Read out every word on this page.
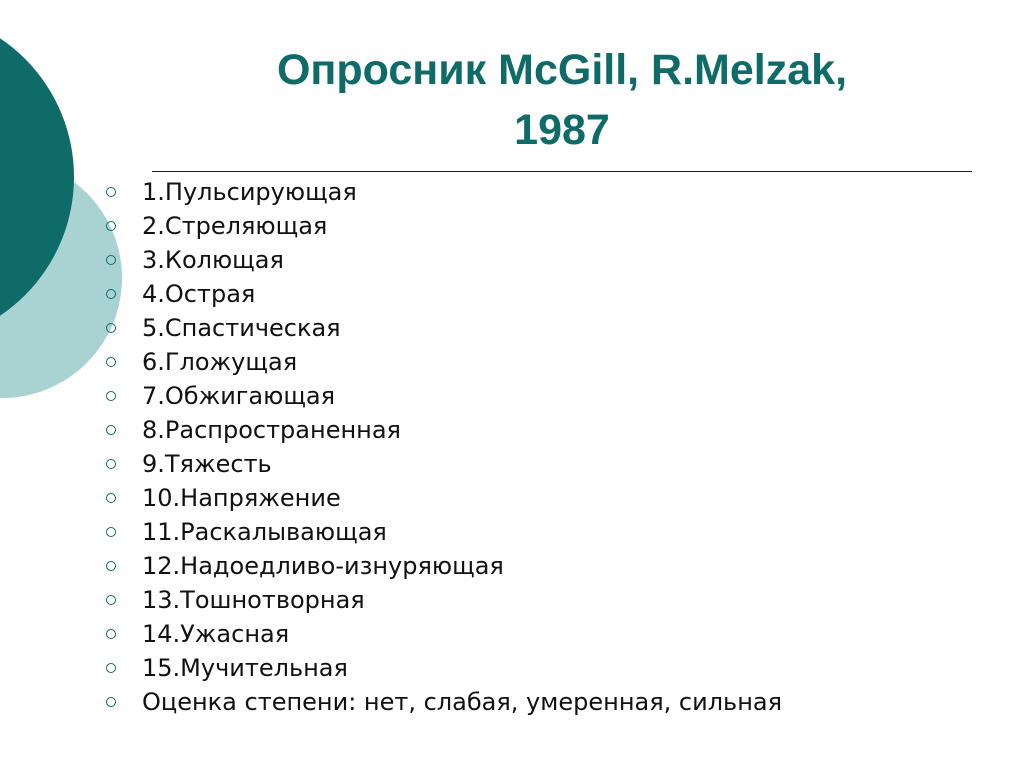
Опросник McGill, R.Melzak,
1987
1.Пульсирующая
2.Стреляющая
3.Колющая
4.Острая
5.Спастическая
6.Гложущая
7.Обжигающая
8.Распространенная
9.Тяжесть
10.Напряжение
11.Раскалывающая
12.Надоедливо-изнуряющая
13.Тошнотворная
14.Ужасная
15.Мучительная
Оценка степени: нет, слабая, умеренная, сильная
